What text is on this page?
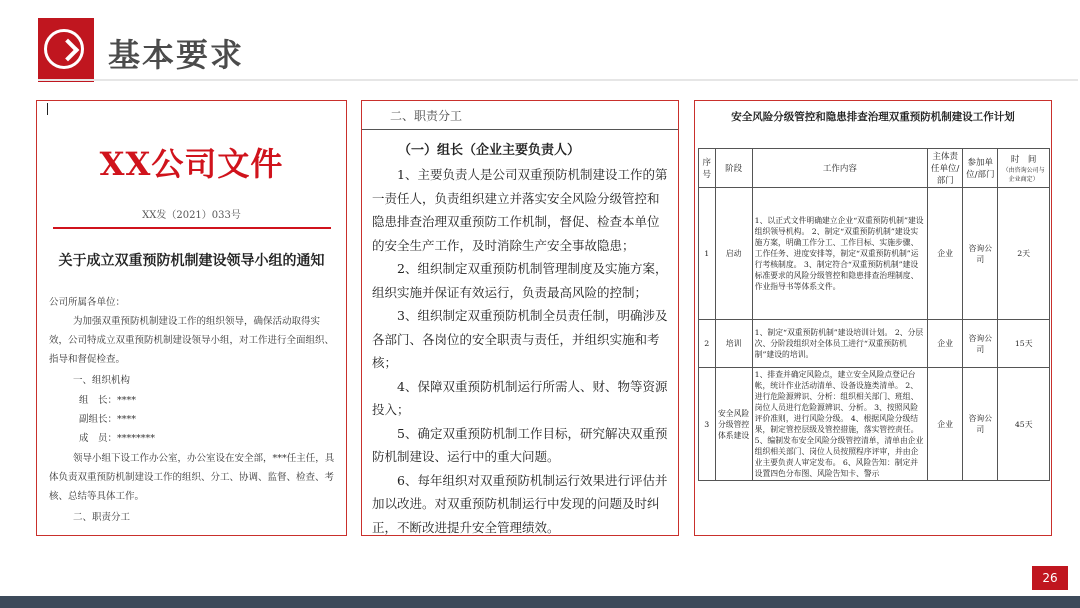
基本要求
XX公司文件
XX发（2021）033号
关于成立双重预防机制建设领导小组的通知
公司所属各单位：
为加强双重预防机制建设工作的组织领导，确保活动取得实效，公司特成立双重预防机制建设领导小组，对工作进行全面组织、指导和督促检查。
一、组织机构
组　长：****
副组长：****
成　员：********
领导小组下设工作办公室，办公室设在安全部，***任主任，具体负责双重预防机制建设工作的组织、分工、协调、监督、检查、考核、总结等具体工作。
二、职责分工
二、职责分工
（一）组长（企业主要负责人）

1、主要负责人是公司双重预防机制建设工作的第一责任人，负责组织建立并落实安全风险分级管控和隐患排查治理双重预防工作机制，督促、检查本单位的安全生产工作，及时消除生产安全事故隐患；

2、组织制定双重预防机制管理制度及实施方案，组织实施并保证有效运行，负责最高风险的控制；

3、组织制定双重预防机制全员责任制，明确涉及各部门、各岗位的安全职责与责任，并组织实施和考核；

4、保障双重预防机制运行所需人、财、物等资源投入；

5、确定双重预防机制工作目标，研究解决双重预防机制建设、运行中的重大问题。

6、每年组织对双重预防机制运行效果进行评估并加以改进。对双重预防机制运行中发现的问题及时纠正，不断改进提升安全管理绩效。

安全风险分级管控和隐患排查治理双重预防机制建设工作计划
序号	阶段	工作内容	主体责任单位/部门	参加单位/部门	时　间
（由咨询公司与企业商定）

1	启动	1、以正式文件明确建立企业“双重预防机制”建设组织领导机构。 2、制定“双重预防机制”建设实施方案，明确工作分工、工作目标、实施步骤、工作任务、进度安排等，制定“双重预防机制”运行考核制度。 3、制定符合“双重预防机制”建设标准要求的风险分级管控和隐患排查治理制度、作业指导书等体系文件。	企业	咨询公司	2天
2	培训	1、制定“双重预防机制”建设培训计划。 2、分层次、分阶段组织对全体员工进行“双重预防机制”建设的培训。	企业	咨询公司	15天
3	安全风险分级管控体系建设	1、排查并确定风险点，建立安全风险点登记台帐，统计作业活动清单、设备设施类清单。 2、进行危险源辨识、分析：组织相关部门、班组、岗位人员进行危险源辨识、分析。 3、按照风险评价准则，进行风险分级。 4、根据风险分级结果，制定管控层级及管控措施，落实管控责任。 5、编制发布安全风险分级管控清单，清单由企业组织相关部门、岗位人员按照程序评审，并由企业主要负责人审定发布。 6、风险告知：制定并设置四色分布图、风险告知卡、警示	企业	咨询公司	45天
26
